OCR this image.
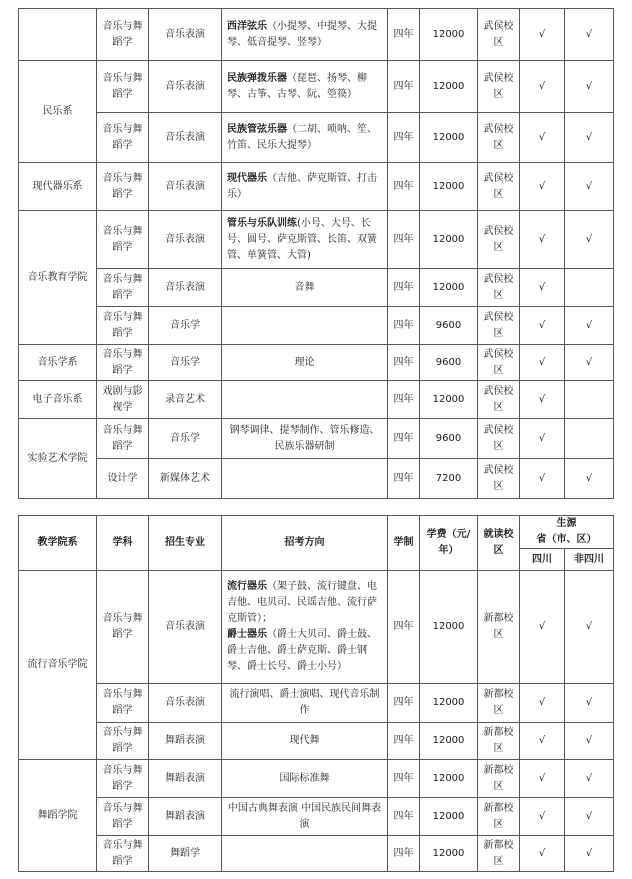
	音乐与舞蹈学	音乐表演	西洋弦乐（小提琴、中提琴、大提琴、低音提琴、竖琴）	四年	12000	武侯校区	√	√
民乐系	音乐与舞蹈学	音乐表演	民族弹拨乐器（琵琶、扬琴、柳琴、古筝、古琴、阮、箜篌）	四年	12000	武侯校区	√	√
	音乐与舞蹈学	音乐表演	民族管弦乐器（二胡、唢呐、笙、竹笛、民乐大提琴）	四年	12000	武侯校区	√	√
现代器乐系	音乐与舞蹈学	音乐表演	现代器乐（吉他、萨克斯管、打击乐）	四年	12000	武侯校区	√	√
音乐教育学院	音乐与舞蹈学	音乐表演	管乐与乐队训练(小号、大号、长号、圆号、萨克斯管、长笛、双簧管、单簧管、大管)	四年	12000	武侯校区	√	√
	音乐与舞蹈学	音乐表演	音舞	四年	12000	武侯校区	√	
	音乐与舞蹈学	音乐学		四年	9600	武侯校区	√	√
音乐学系	音乐与舞蹈学	音乐学	理论	四年	9600	武侯校区	√	√
电子音乐系	戏剧与影视学	录音艺术		四年	12000	武侯校区	√	
实验艺术学院	音乐与舞蹈学	音乐学	钢琴调律、提琴制作、管乐修造、民族乐器研制	四年	9600	武侯校区	√	
	设计学	新媒体艺术		四年	7200	武侯校区	√	√
教学院系	学科	招生专业	招考方向	学制	学费（元/年）	就读校区	生源
省（市、区）	

							四川	非四川
流行音乐学院	音乐与舞蹈学	音乐表演	流行器乐（架子鼓、流行键盘、电吉他、电贝司、民谣吉他、流行萨克斯管）；
爵士器乐（爵士大贝司、爵士鼓、爵士吉他、爵士萨克斯、爵士钢琴、爵士长号、爵士小号）	四年	12000	新都校区	√	√
	音乐与舞蹈学	音乐表演	流行演唱、爵士演唱、现代音乐制作	四年	12000	新都校区	√	√
	音乐与舞蹈学	舞蹈表演	现代舞	四年	12000	新都校区	√	√
舞蹈学院	音乐与舞蹈学	舞蹈表演	国际标准舞	四年	12000	新都校区	√	√
	音乐与舞蹈学	舞蹈表演	中国古典舞表演 中国民族民间舞表演	四年	12000	新都校区	√	√
	音乐与舞蹈学	舞蹈学		四年	12000	新都校区	√	√
